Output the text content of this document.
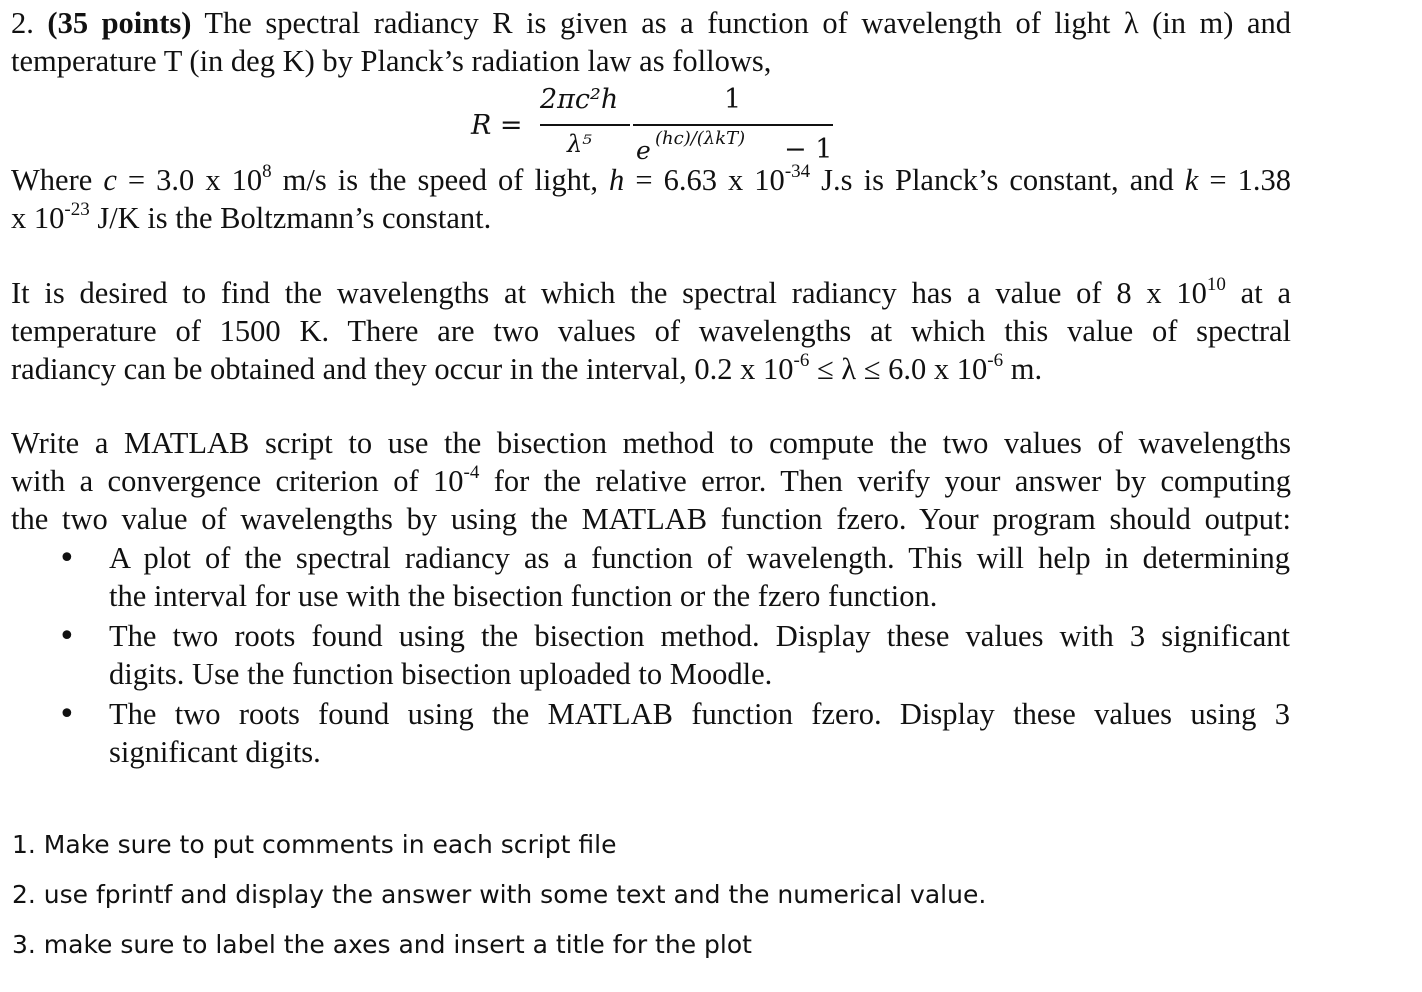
2. (35 points) The spectral radiancy R is given as a function of wavelength of light λ (in m) and
temperature T (in deg K) by Planck’s radiation law as follows,
R =
2πc²h	1
λ⁵ e (hc)/(λkT) − 1
Where c = 3.0 x $10^8$ m/s is the speed of light, h = 6.63 x $10^{-34}$ J.s is Planck’s constant, and k = 1.38
x $10^{-23}$ J/K is the Boltzmann’s constant.
It is desired to find the wavelengths at which the spectral radiancy has a value of 8 x $10^{10}$ at a
temperature of 1500 K. There are two values of wavelengths at which this value of spectral
radiancy can be obtained and they occur in the interval, 0.2 x $10^{-6} \le \lambda \le 6.0$ x $10^{-6}$ m.
Write a MATLAB script to use the bisection method to compute the two values of wavelengths
with a convergence criterion of $10^{-4}$ for the relative error. Then verify your answer by computing
the two value of wavelengths by using the MATLAB function fzero. Your program should output:
• A plot of the spectral radiancy as a function of wavelength. This will help in determining
the interval for use with the bisection function or the fzero function.
• The two roots found using the bisection method. Display these values with 3 significant
digits. Use the function bisection uploaded to Moodle.
• The two roots found using the MATLAB function fzero. Display these values using 3
significant digits.
1. Make sure to put comments in each script file
2. use fprintf and display the answer with some text and the numerical value.
3. make sure to label the axes and insert a title for the plot
